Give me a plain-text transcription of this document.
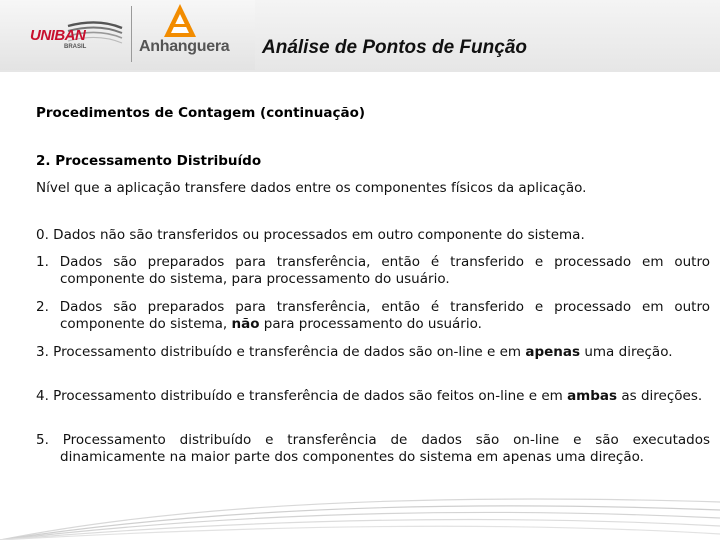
UNIBAN
BRASIL	Anhanguera Análise de Pontos de Função
Procedimentos de Contagem (continuação)
2. Processamento Distribuído
Nível que a aplicação transfere dados entre os componentes físicos da aplicação.
0. Dados não são transferidos ou processados em outro componente do sistema.
1. Dados são preparados para transferência, então é transferido e processado em outro componente do sistema, para processamento do usuário.
2. Dados são preparados para transferência, então é transferido e processado em outro componente do sistema, não para processamento do usuário.
3. Processamento distribuído e transferência de dados são on-line e em apenas uma direção.
4. Processamento distribuído e transferência de dados são feitos on-line e em ambas as direções.
5. Processamento distribuído e transferência de dados são on-line e são executados dinamicamente na maior parte dos componentes do sistema em apenas uma direção.
